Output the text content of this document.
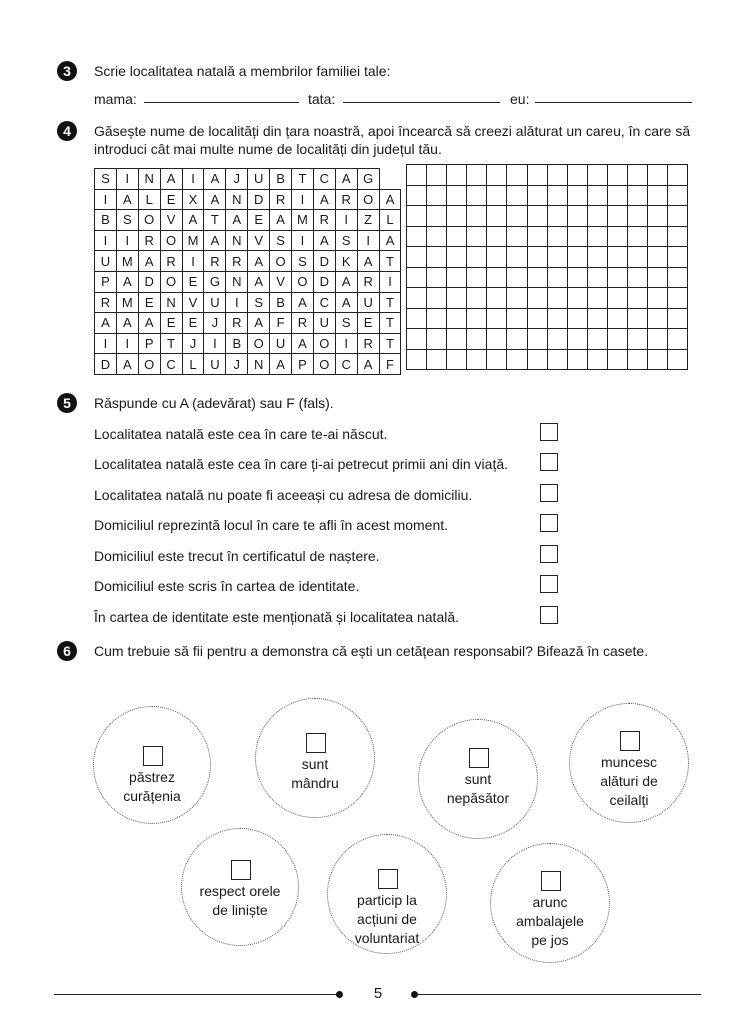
3	Scrie localitatea natală a membrilor familiei tale:
mama:	tata:	eu:
4	Găsește nume de localități din țara noastră, apoi încearcă să creezi alăturat un careu, în care să introduci cât mai multe nume de localități din județul tău.
S	I	N	A	I	A	J	U	B	T	C	A	G	
I	A	L	E	X	A	N	D	R	I	A	R	O	A
B	S	O	V	A	T	A	E	A	M	R	I	Z	L
I	I	R	O	M	A	N	V	S	I	A	S	I	A
U	M	A	R	I	R	R	A	O	S	D	K	A	T
P	A	D	O	E	G	N	A	V	O	D	A	R	I
R	M	E	N	V	U	I	S	B	A	C	A	U	T
A	A	A	E	E	J	R	A	F	R	U	S	E	T
I	I	P	T	J	I	B	O	U	A	O	I	R	T
D	A	O	C	L	U	J	N	A	P	O	C	A	F

5	Răspunde cu A (adevărat) sau F (fals).
Localitatea natală este cea în care te-ai născut.
Localitatea natală este cea în care ți-ai petrecut primii ani din viață.
Localitatea natală nu poate fi aceeași cu adresa de domiciliu.
Domiciliul reprezintă locul în care te afli în acest moment.
Domiciliul este trecut în certificatul de naștere.
Domiciliul este scris în cartea de identitate.
În cartea de identitate este menționată și localitatea natală.
6	Cum trebuie să fii pentru a demonstra că ești un cetățean responsabil? Bifează în casete.
păstrez
curățenia
sunt
mândru	sunt
nepăsător
muncesc
alături de
ceilalți
respect orele
de liniște
particip la
acțiuni de
voluntariat
arunc
ambalajele
pe jos
5
